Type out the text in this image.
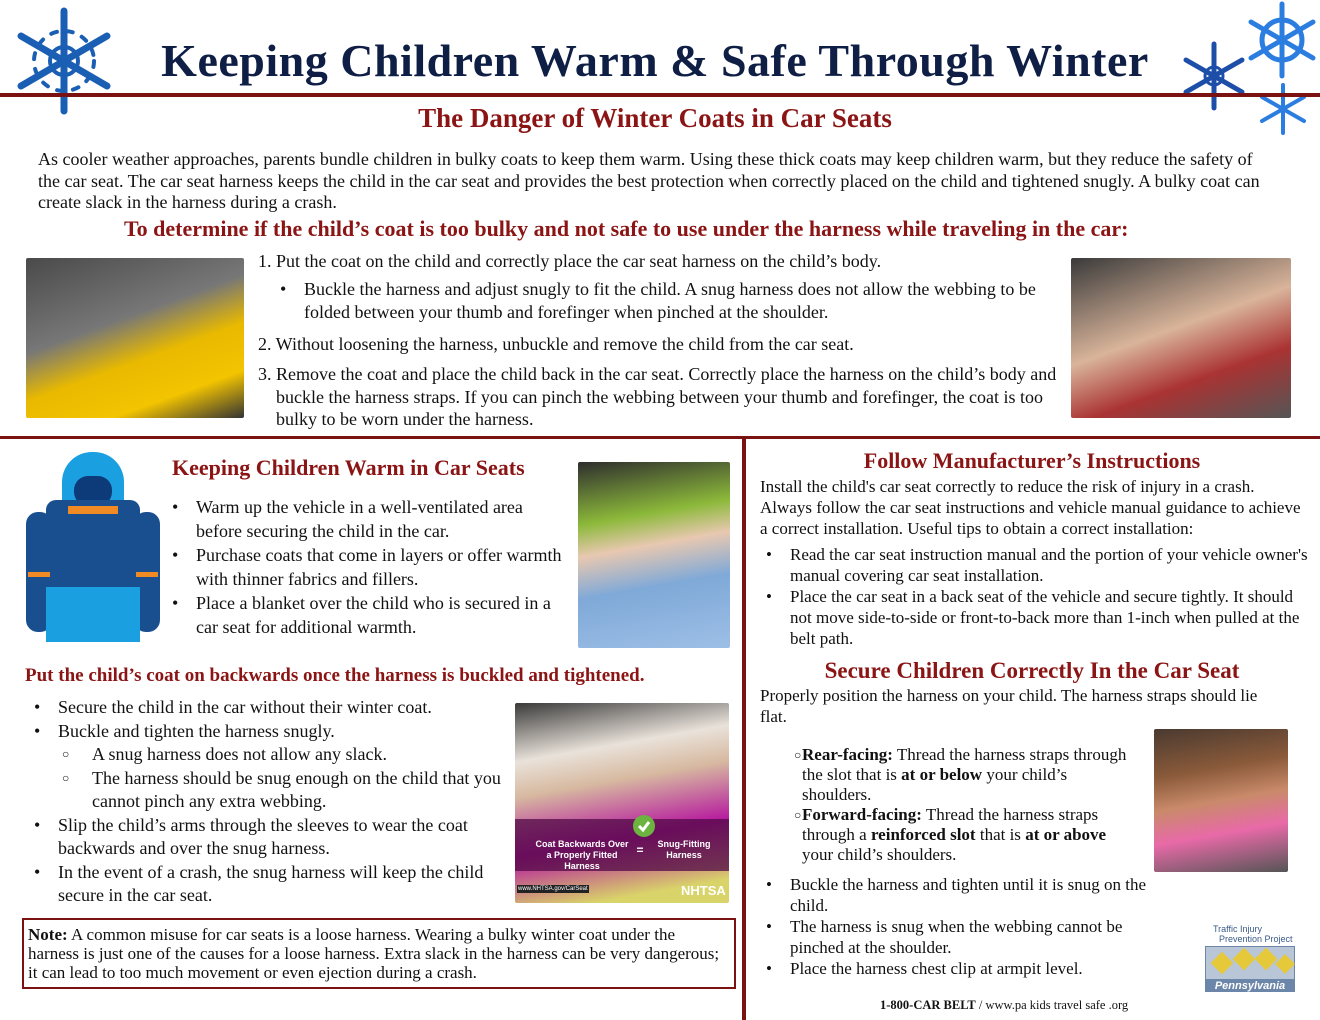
Keeping Children Warm & Safe Through Winter
The Danger of Winter Coats in Car Seats
As cooler weather approaches, parents bundle children in bulky coats to keep them warm. Using these thick coats may keep children warm, but they reduce the safety of the car seat. The car seat harness keeps the child in the car seat and provides the best protection when correctly placed on the child and tightened snugly. A bulky coat can create slack in the harness during a crash.
To determine if the child’s coat is too bulky and not safe to use under the harness while traveling in the car:
1. Put the coat on the child and correctly place the car seat harness on the child’s body.
• Buckle the harness and adjust snugly to fit the child. A snug harness does not allow the webbing to be folded between your thumb and forefinger when pinched at the shoulder.
2. Without loosening the harness, unbuckle and remove the child from the car seat.
3. Remove the coat and place the child back in the car seat. Correctly place the harness on the child’s body and buckle the harness straps. If you can pinch the webbing between your thumb and forefinger, the coat is too bulky to be worn under the harness.
Keeping Children Warm in Car Seats
• Warm up the vehicle in a well-ventilated area before securing the child in the car.
• Purchase coats that come in layers or offer warmth with thinner fabrics and fillers.
• Place a blanket over the child who is secured in a car seat for additional warmth.
Put the child’s coat on backwards once the harness is buckled and tightened.
• Secure the child in the car without their winter coat.
• Buckle and tighten the harness snugly.
○ A snug harness does not allow any slack.
○ The harness should be snug enough on the child that you cannot pinch any extra webbing.
• Slip the child’s arms through the sleeves to wear the coat backwards and over the snug harness.
• In the event of a crash, the snug harness will keep the child secure in the car seat.
Coat Backwards Over a Properly Fitted Harness
=	Snug-Fitting Harness
www.NHTSA.gov/CarSeat	NHTSA
Note: A common misuse for car seats is a loose harness. Wearing a bulky winter coat under the harness is just one of the causes for a loose harness. Extra slack in the harness can be very dangerous; it can lead to too much movement or even ejection during a crash.
Follow Manufacturer’s Instructions
Install the child's car seat correctly to reduce the risk of injury in a crash. Always follow the car seat instructions and vehicle manual guidance to achieve a correct installation. Useful tips to obtain a correct installation:
• Read the car seat instruction manual and the portion of your vehicle owner's manual covering car seat installation.
• Place the car seat in a back seat of the vehicle and secure tightly. It should not move side-to-side or front-to-back more than 1-inch when pulled at the belt path.
Secure Children Correctly In the Car Seat
Properly position the harness on your child. The harness straps should lie flat.
○ Rear-facing: Thread the harness straps through the slot that is at or below your child’s shoulders.
○ Forward-facing: Thread the harness straps through a reinforced slot that is at or above your child’s shoulders.
• Buckle the harness and tighten until it is snug on the child.
• The harness is snug when the webbing cannot be pinched at the shoulder.
• Place the harness chest clip at armpit level.
1-800-CAR BELT / www.pa kids travel safe .org
Traffic Injury
Prevention Project
Pennsylvania
